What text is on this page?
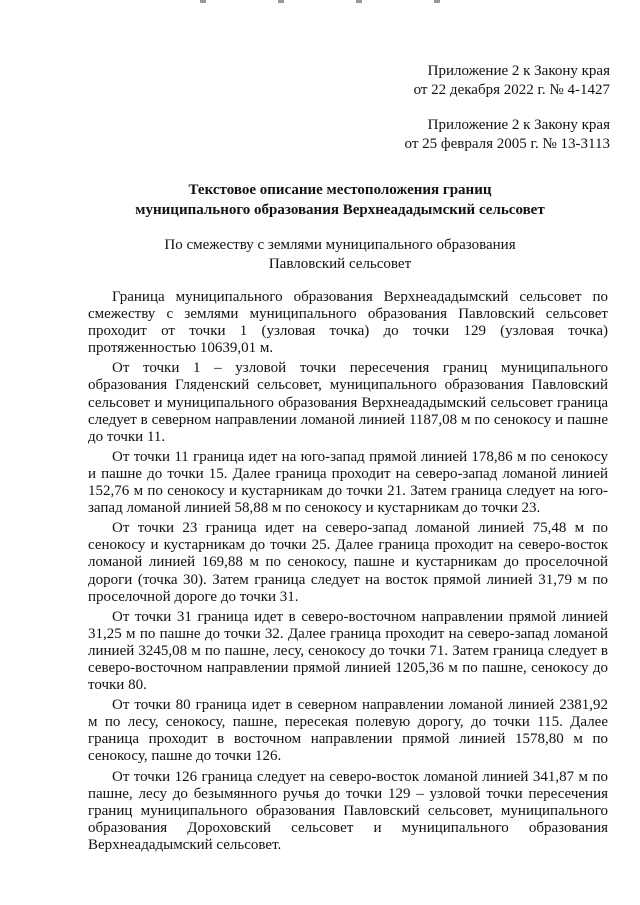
Приложение 2 к Закону края
от 22 декабря 2022 г. № 4-1427
Приложение 2 к Закону края
от 25 февраля 2005 г. № 13-3113
Текстовое описание местоположения границ
муниципального образования Верхнеададымский сельсовет
По смежеству с землями муниципального образования
Павловский сельсовет

Граница муниципального образования Верхнеададымский сельсовет по смежеству с землями муниципального образования Павловский сельсовет проходит от точки 1 (узловая точка) до точки 129 (узловая точка) протяженностью 10639,01 м.

От точки 1 – узловой точки пересечения границ муниципального образования Гляденский сельсовет, муниципального образования Павловский сельсовет и муниципального образования Верхнеададымский сельсовет граница следует в северном направлении ломаной линией 1187,08 м по сенокосу и пашне до точки 11.

От точки 11 граница идет на юго-запад прямой линией 178,86 м по сенокосу и пашне до точки 15. Далее граница проходит на северо-запад ломаной линией 152,76 м по сенокосу и кустарникам до точки 21. Затем граница следует на юго-запад ломаной линией 58,88 м по сенокосу и кустарникам до точки 23.

От точки 23 граница идет на северо-запад ломаной линией 75,48 м по сенокосу и кустарникам до точки 25. Далее граница проходит на северо-восток ломаной линией 169,88 м по сенокосу, пашне и кустарникам до проселочной дороги (точка 30). Затем граница следует на восток прямой линией 31,79 м по проселочной дороге до точки 31.

От точки 31 граница идет в северо-восточном направлении прямой линией 31,25 м по пашне до точки 32. Далее граница проходит на северо-запад ломаной линией 3245,08 м по пашне, лесу, сенокосу до точки 71. Затем граница следует в северо-восточном направлении прямой линией 1205,36 м по пашне, сенокосу до точки 80.

От точки 80 граница идет в северном направлении ломаной линией 2381,92 м по лесу, сенокосу, пашне, пересекая полевую дорогу, до точки 115. Далее граница проходит в восточном направлении прямой линией 1578,80 м по сенокосу, пашне до точки 126.

От точки 126 граница следует на северо-восток ломаной линией 341,87 м по пашне, лесу до безымянного ручья до точки 129 – узловой точки пересечения границ муниципального образования Павловский сельсовет, муниципального образования Дороховский сельсовет и муниципального образования Верхнеададымский сельсовет.
